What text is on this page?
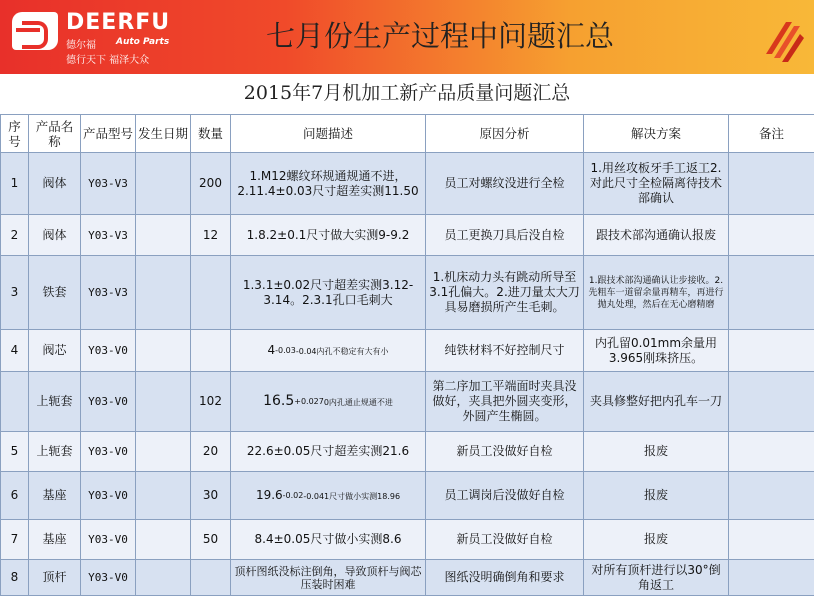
DEERFU
德尔福 Auto Parts
德行天下 福泽大众
七月份生产过程中问题汇总
2015年7月机加工新产品质量问题汇总
序号	产品名称	产品型号	发生日期	数量	问题描述	原因分析	解决方案	备注
1	阀体	Y03-V3		200	1.M12螺纹环规通规通不进，2.11.4±0.03尺寸超差实测11.50	员工对螺纹没进行全检	1.用丝攻板牙手工返工2.对此尺寸全检隔离待技术部确认	
2	阀体	Y03-V3		12	1.8.2±0.1尺寸做大实测9-9.2	员工更换刀具后没自检	跟技术部沟通确认报废	
3	铁套	Y03-V3			1.3.1±0.02尺寸超差实测3.12-3.14。2.3.1孔口毛刺大	1.机床动力头有跳动所导至3.1孔偏大。2.进刀量太大刀具易磨损所产生毛刺。	1.跟技术部沟通确认让步接收。2.先粗车一道留余量再精车，再进行抛丸处理，然后在无心磨精磨	
4	阀芯	Y03-V0			$4^{-0.03}-0.04$内孔不稳定有大有小	纯铁材料不好控制尺寸	内孔留0.01mm余量用3.965刚珠挤压。	
	上轭套	Y03-V0		102	$16.5^{+0.027}0$内孔通止规通不进	第二序加工平端面时夹具没做好，夹具把外圆夹变形，外圆产生椭圆。	夹具修整好把内孔车一刀	
5	上轭套	Y03-V0		20	22.6±0.05尺寸超差实测21.6	新员工没做好自检	报废	
6	基座	Y03-V0		30	$19.6^{-0.02}-0.041$尺寸做小实测18.96	员工调岗后没做好自检	报废	
7	基座	Y03-V0		50	8.4±0.05尺寸做小实测8.6	新员工没做好自检	报废	
8	顶杆	Y03-V0			顶杆图纸没标注倒角，导致顶杆与阀芯压装时困难	图纸没明确倒角和要求	对所有顶杆进行以30°倒角返工	
